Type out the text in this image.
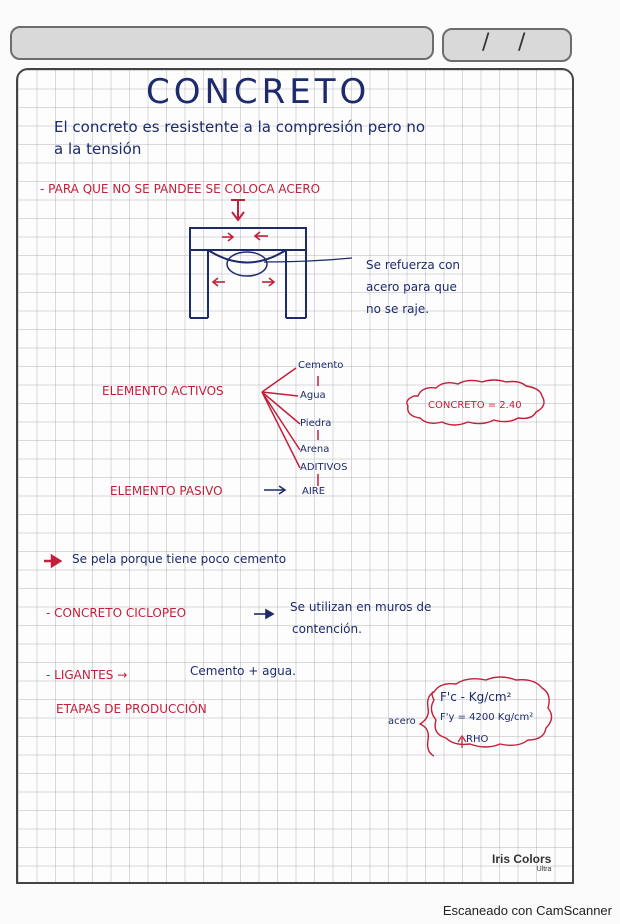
/ /
CONCRETO
El concreto es resistente a la compresión pero no
a la tensión
- PARA QUE NO SE PANDEE SE COLOCA ACERO
Se refuerza con
acero para que
no se raje.
ELEMENTO ACTIVOS
Cemento
Agua
Piedra
Arena
ADITIVOS
AIRE
CONCRETO = 2.40
ELEMENTO PASIVO
Se pela porque tiene poco cemento
- CONCRETO CICLOPEO	Se utilizan en muros de
contención.
- LIGANTES →	Cemento + agua.
ETAPAS DE PRODUCCIÓN
acero
F'c - Kg/cm²
F'y = 4200 Kg/cm²
RHO
Iris Colors
Ultra
Escaneado con CamScanner
